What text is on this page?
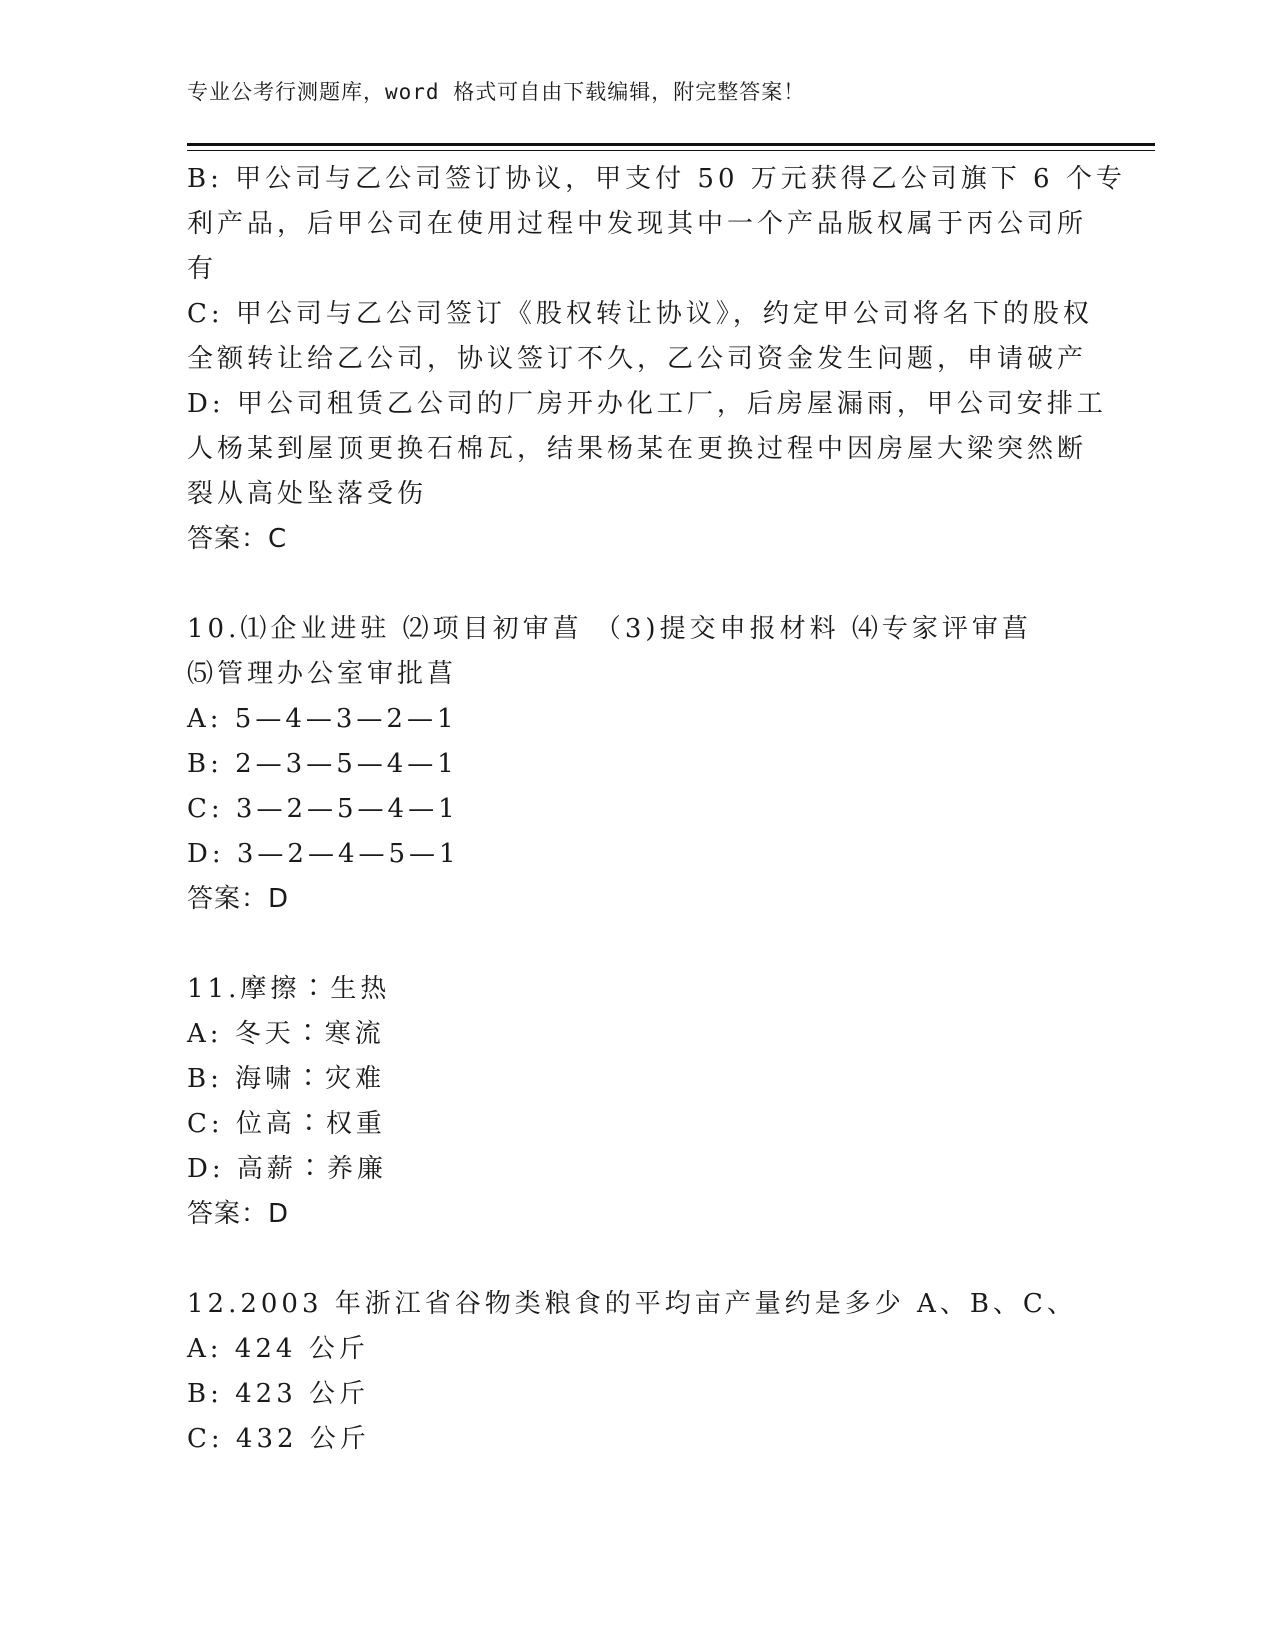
专业公考行测题库，word 格式可自由下载编辑，附完整答案！
B: 甲公司与乙公司签订协议，甲支付 50 万元获得乙公司旗下 6 个专
利产品，后甲公司在使用过程中发现其中一个产品版权属于丙公司所
有
C: 甲公司与乙公司签订《股权转让协议》，约定甲公司将名下的股权
全额转让给乙公司，协议签订不久，乙公司资金发生问题，申请破产
D: 甲公司租赁乙公司的厂房开办化工厂，后房屋漏雨，甲公司安排工
人杨某到屋顶更换石棉瓦，结果杨某在更换过程中因房屋大梁突然断
裂从高处坠落受伤
答案：C
10.⑴企业进驻 ⑵项目初审菖 （3)提交申报材料 ⑷专家评审菖
⑸管理办公室审批菖
A: 5—4—3—2—1
B: 2—3—5—4—1
C: 3—2—5—4—1
D: 3—2—4—5—1
答案：D
11.摩擦∶生热
A: 冬天∶寒流
B: 海啸∶灾难
C: 位高∶权重
D: 高薪∶养廉
答案：D
12.2003 年浙江省谷物类粮食的平均亩产量约是多少 A、B、C、
A: 424 公斤
B: 423 公斤
C: 432 公斤
